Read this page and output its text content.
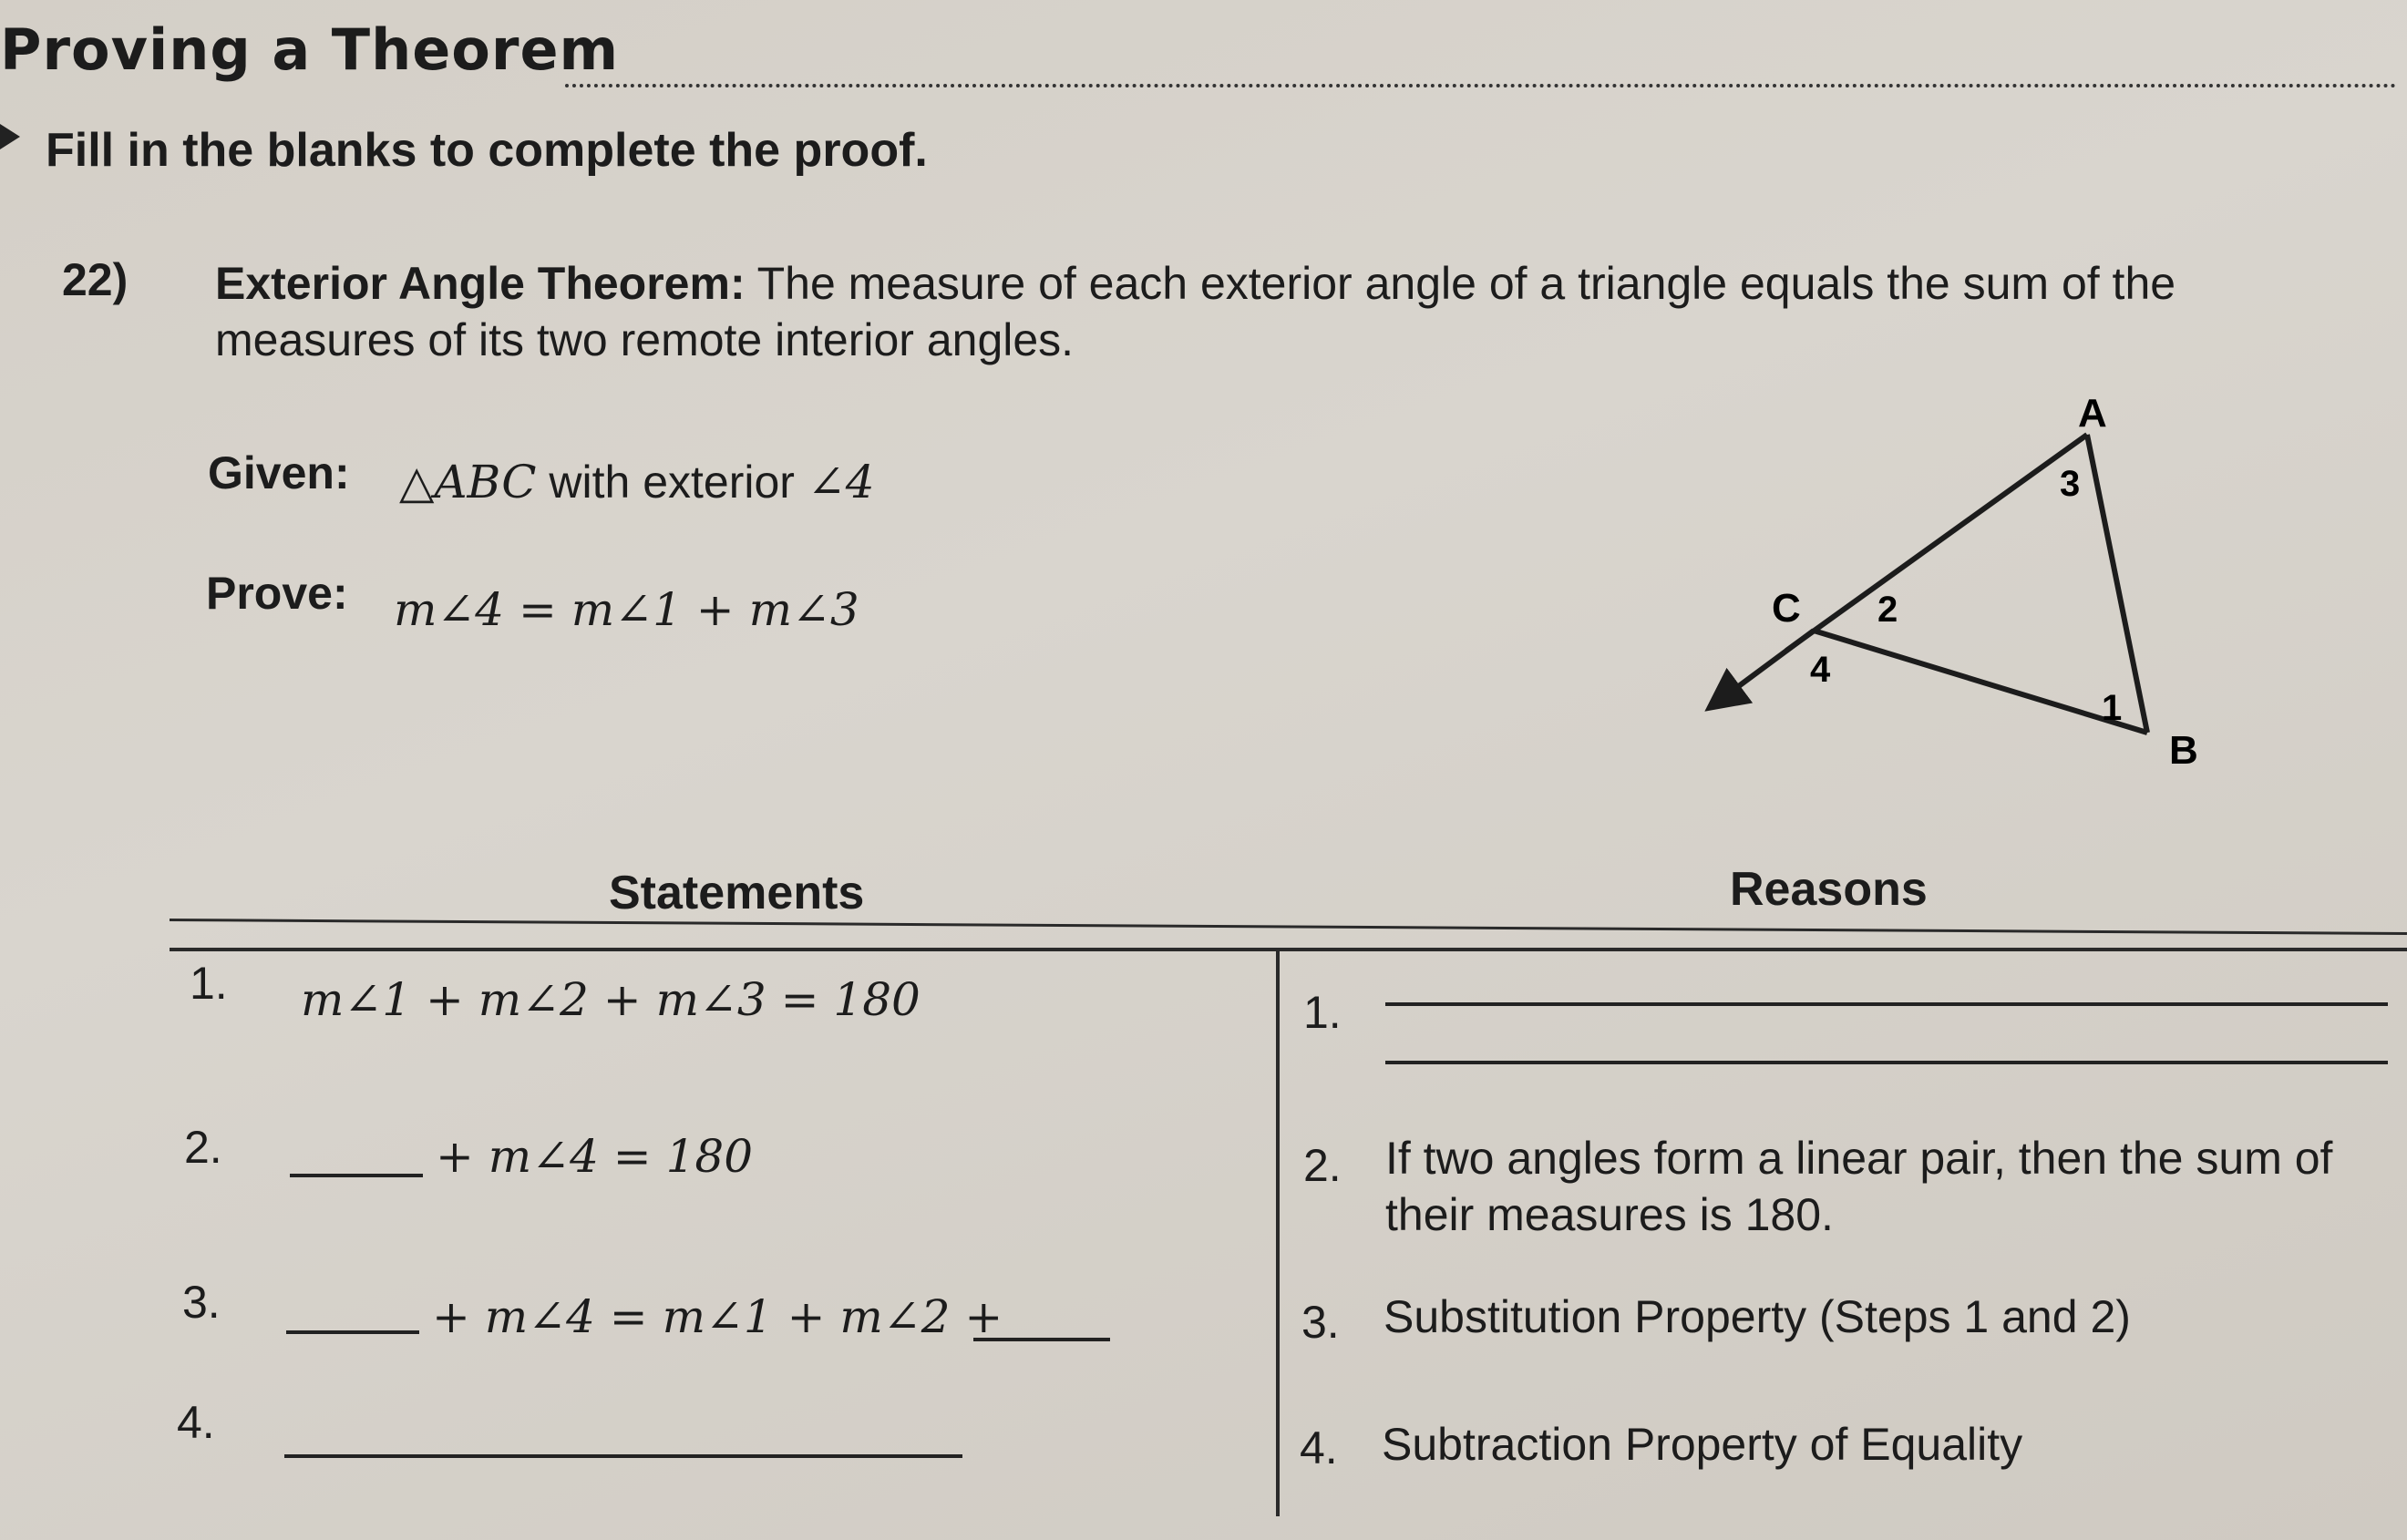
Proving a Theorem
Fill in the blanks to complete the proof.
22) Exterior Angle Theorem: The measure of each exterior angle of a triangle equals the sum of the measures of its two remote interior angles.
Given: △ABC with exterior ∠4
Prove: m∠4 = m∠1 + m∠3
A
B
C
3
2
4
1
Statements	Reasons
1. m∠1 + m∠2 + m∠3 = 180	1.
2.	+ m∠4 = 180	2. If two angles form a linear pair, then the sum of their measures is 180.
3.	+ m∠4 = m∠1 + m∠2 +	3. Substitution Property (Steps 1 and 2)
4.	4. Subtraction Property of Equality
